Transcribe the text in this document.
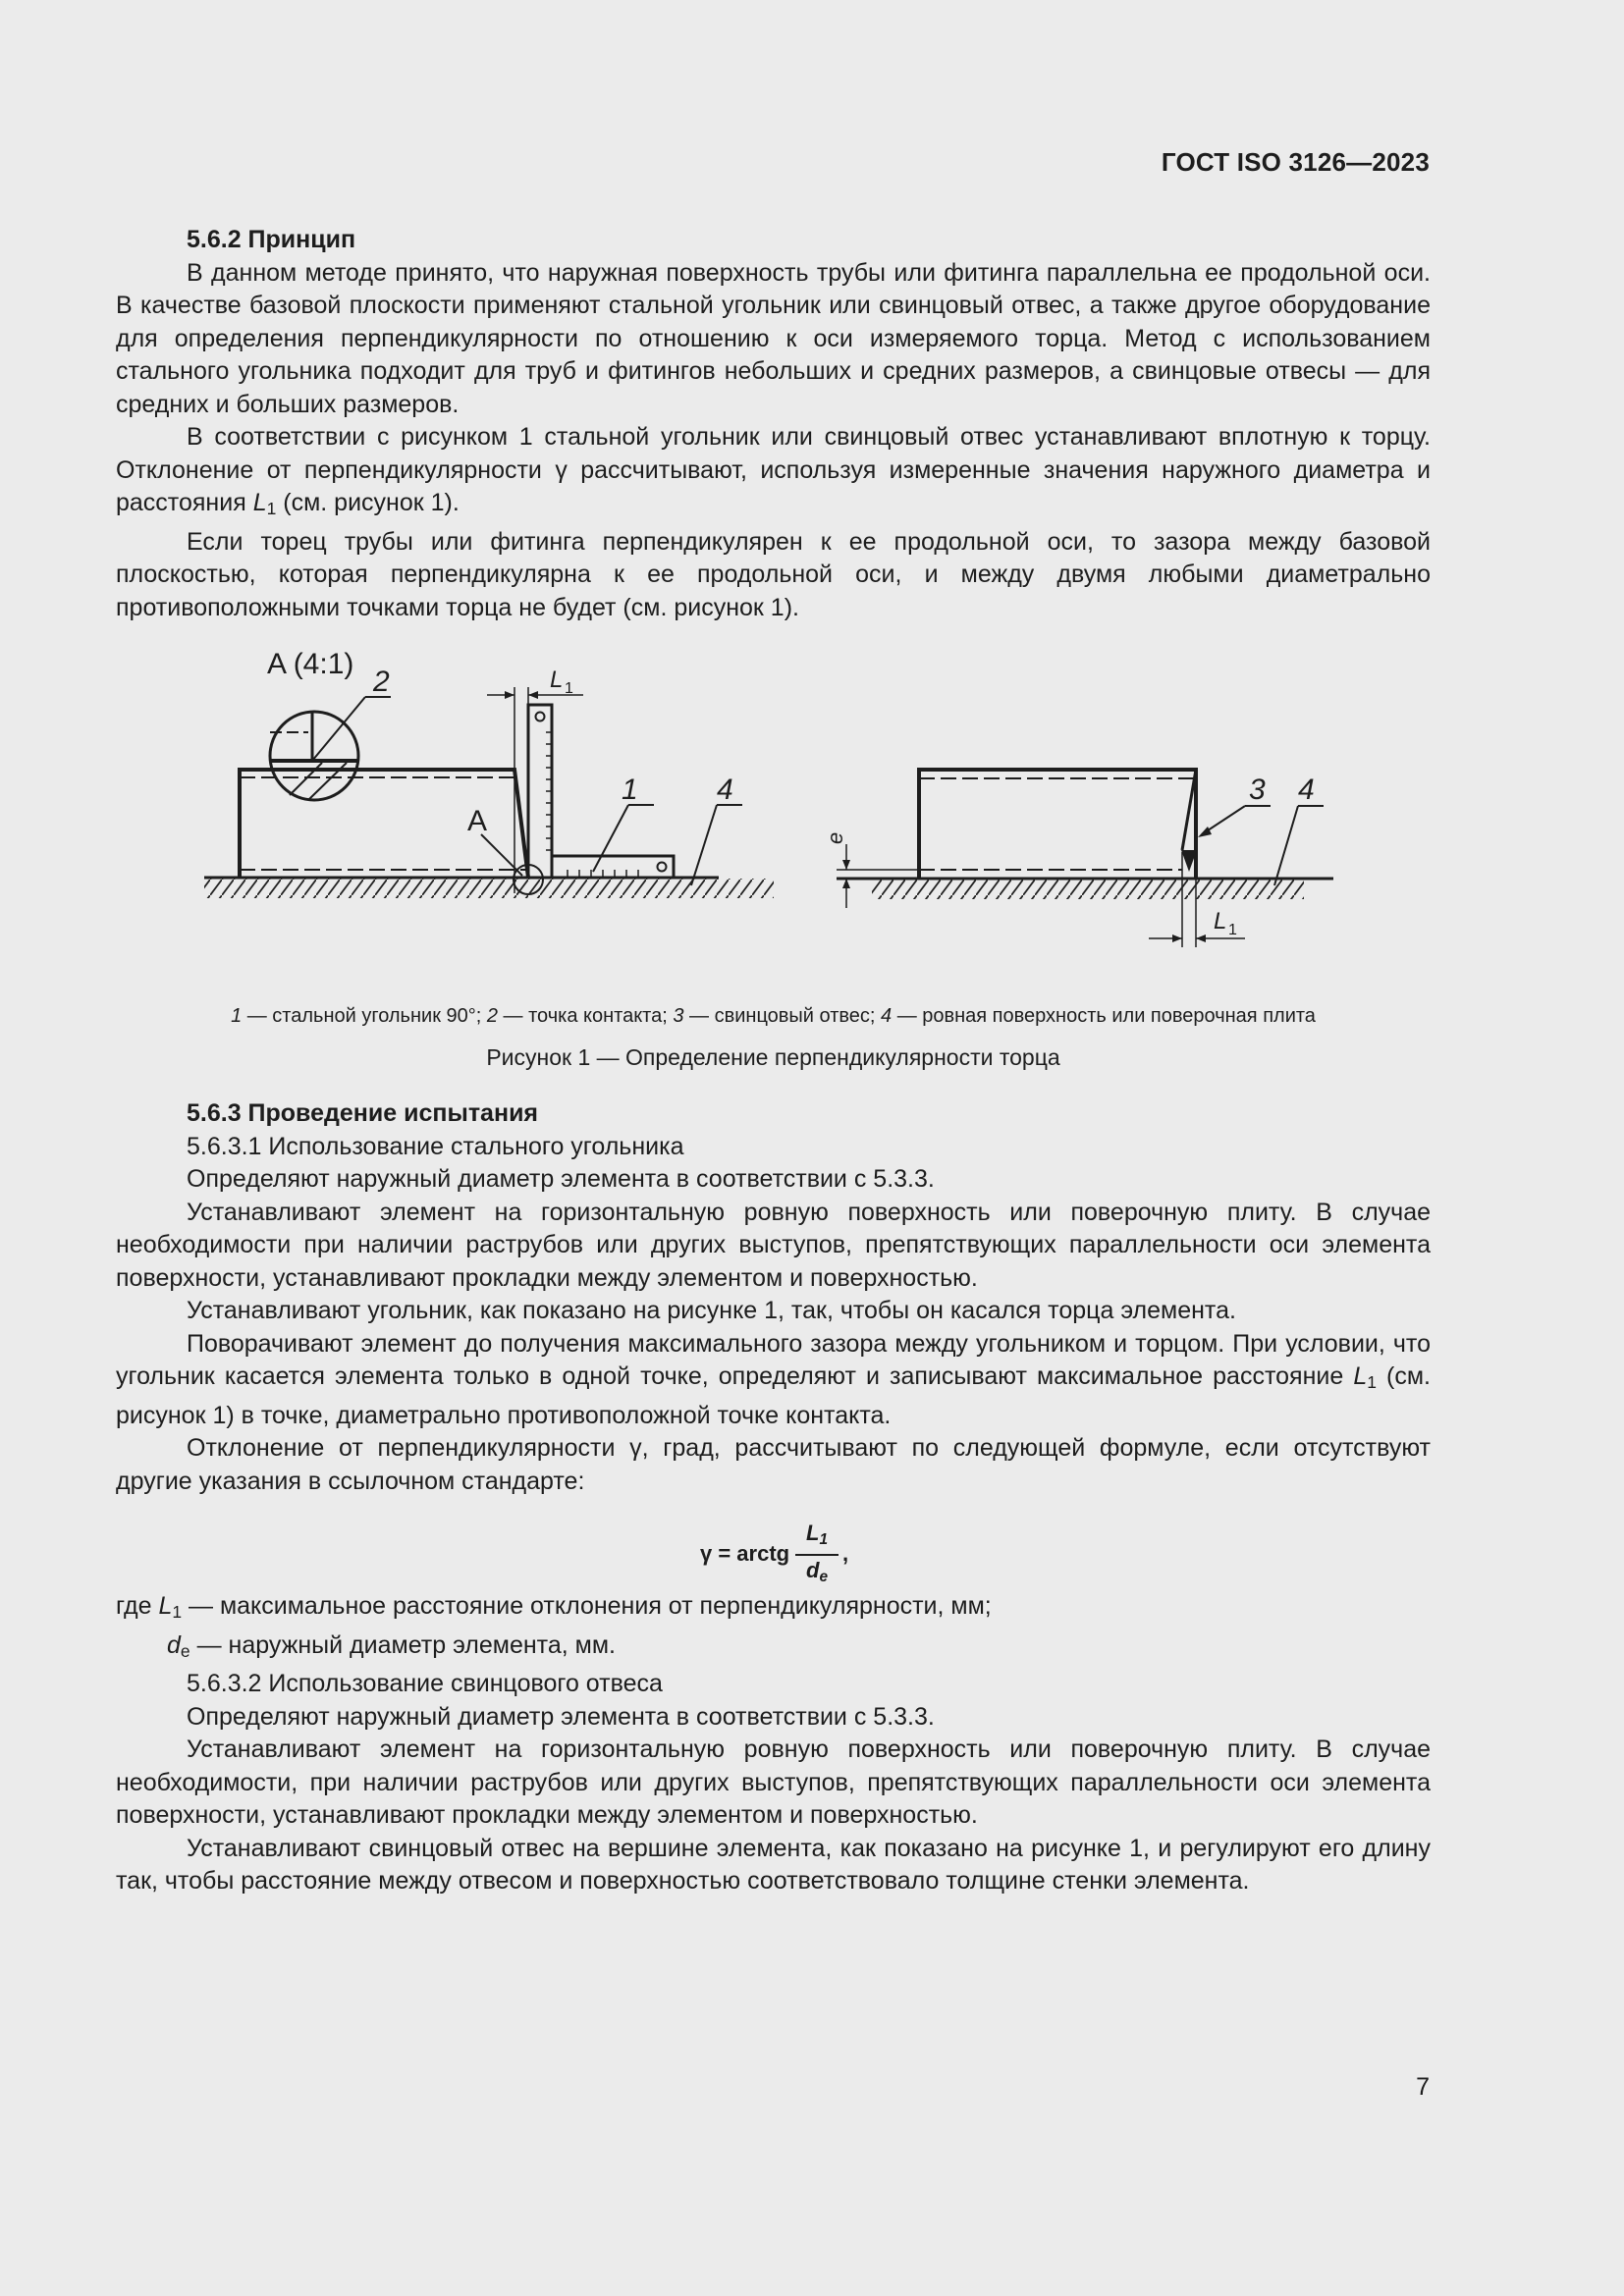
ГОСТ ISO 3126—2023

5.6.2 Принцип

В данном методе принято, что наружная поверхность трубы или фитинга параллельна ее продольной оси. В качестве базовой плоскости применяют стальной угольник или свинцовый отвес, а также другое оборудование для определения перпендикулярности по отношению к оси измеряемого торца. Метод с использованием стального угольника подходит для труб и фитингов небольших и средних размеров, а свинцовые отвесы — для средних и больших размеров.

В соответствии с рисунком 1 стальной угольник или свинцовый отвес устанавливают вплотную к торцу. Отклонение от перпендикулярности γ рассчитывают, используя измеренные значения наружного диаметра и расстояния $L_1$ (см. рисунок 1).

Если торец трубы или фитинга перпендикулярен к ее продольной оси, то зазора между базовой плоскостью, которая перпендикулярна к ее продольной оси, и между двумя любыми диаметрально противоположными точками торца не будет (см. рисунок 1).

A (4:1)
2
A
1	4
L 1
3 4
e
L 1
1 — стальной угольник 90°; 2 — точка контакта; 3 — свинцовый отвес; 4 — ровная поверхность или поверочная плита
Рисунок 1 — Определение перпендикулярности торца

5.6.3 Проведение испытания

5.6.3.1 Использование стального угольника

Определяют наружный диаметр элемента в соответствии с 5.3.3.

Устанавливают элемент на горизонтальную ровную поверхность или поверочную плиту. В случае необходимости при наличии раструбов или других выступов, препятствующих параллельности оси элемента поверхности, устанавливают прокладки между элементом и поверхностью.

Устанавливают угольник, как показано на рисунке 1, так, чтобы он касался торца элемента.

Поворачивают элемент до получения максимального зазора между угольником и торцом. При условии, что угольник касается элемента только в одной точке, определяют и записывают максимальное расстояние $L_1$ (см. рисунок 1) в точке, диаметрально противоположной точке контакта.

Отклонение от перпендикулярности γ, град, рассчитывают по следующей формуле, если отсутствуют другие указания в ссылочном стандарте:

γ = arctg $\frac{L_1}{d_e}$ ,

где $L_1$ — максимальное расстояние отклонения от перпендикулярности, мм;

$d_e$ — наружный диаметр элемента, мм.

5.6.3.2 Использование свинцового отвеса

Определяют наружный диаметр элемента в соответствии с 5.3.3.

Устанавливают элемент на горизонтальную ровную поверхность или поверочную плиту. В случае необходимости, при наличии раструбов или других выступов, препятствующих параллельности оси элемента поверхности, устанавливают прокладки между элементом и поверхностью.

Устанавливают свинцовый отвес на вершине элемента, как показано на рисунке 1, и регулируют его длину так, чтобы расстояние между отвесом и поверхностью соответствовало толщине стенки элемента.

7
